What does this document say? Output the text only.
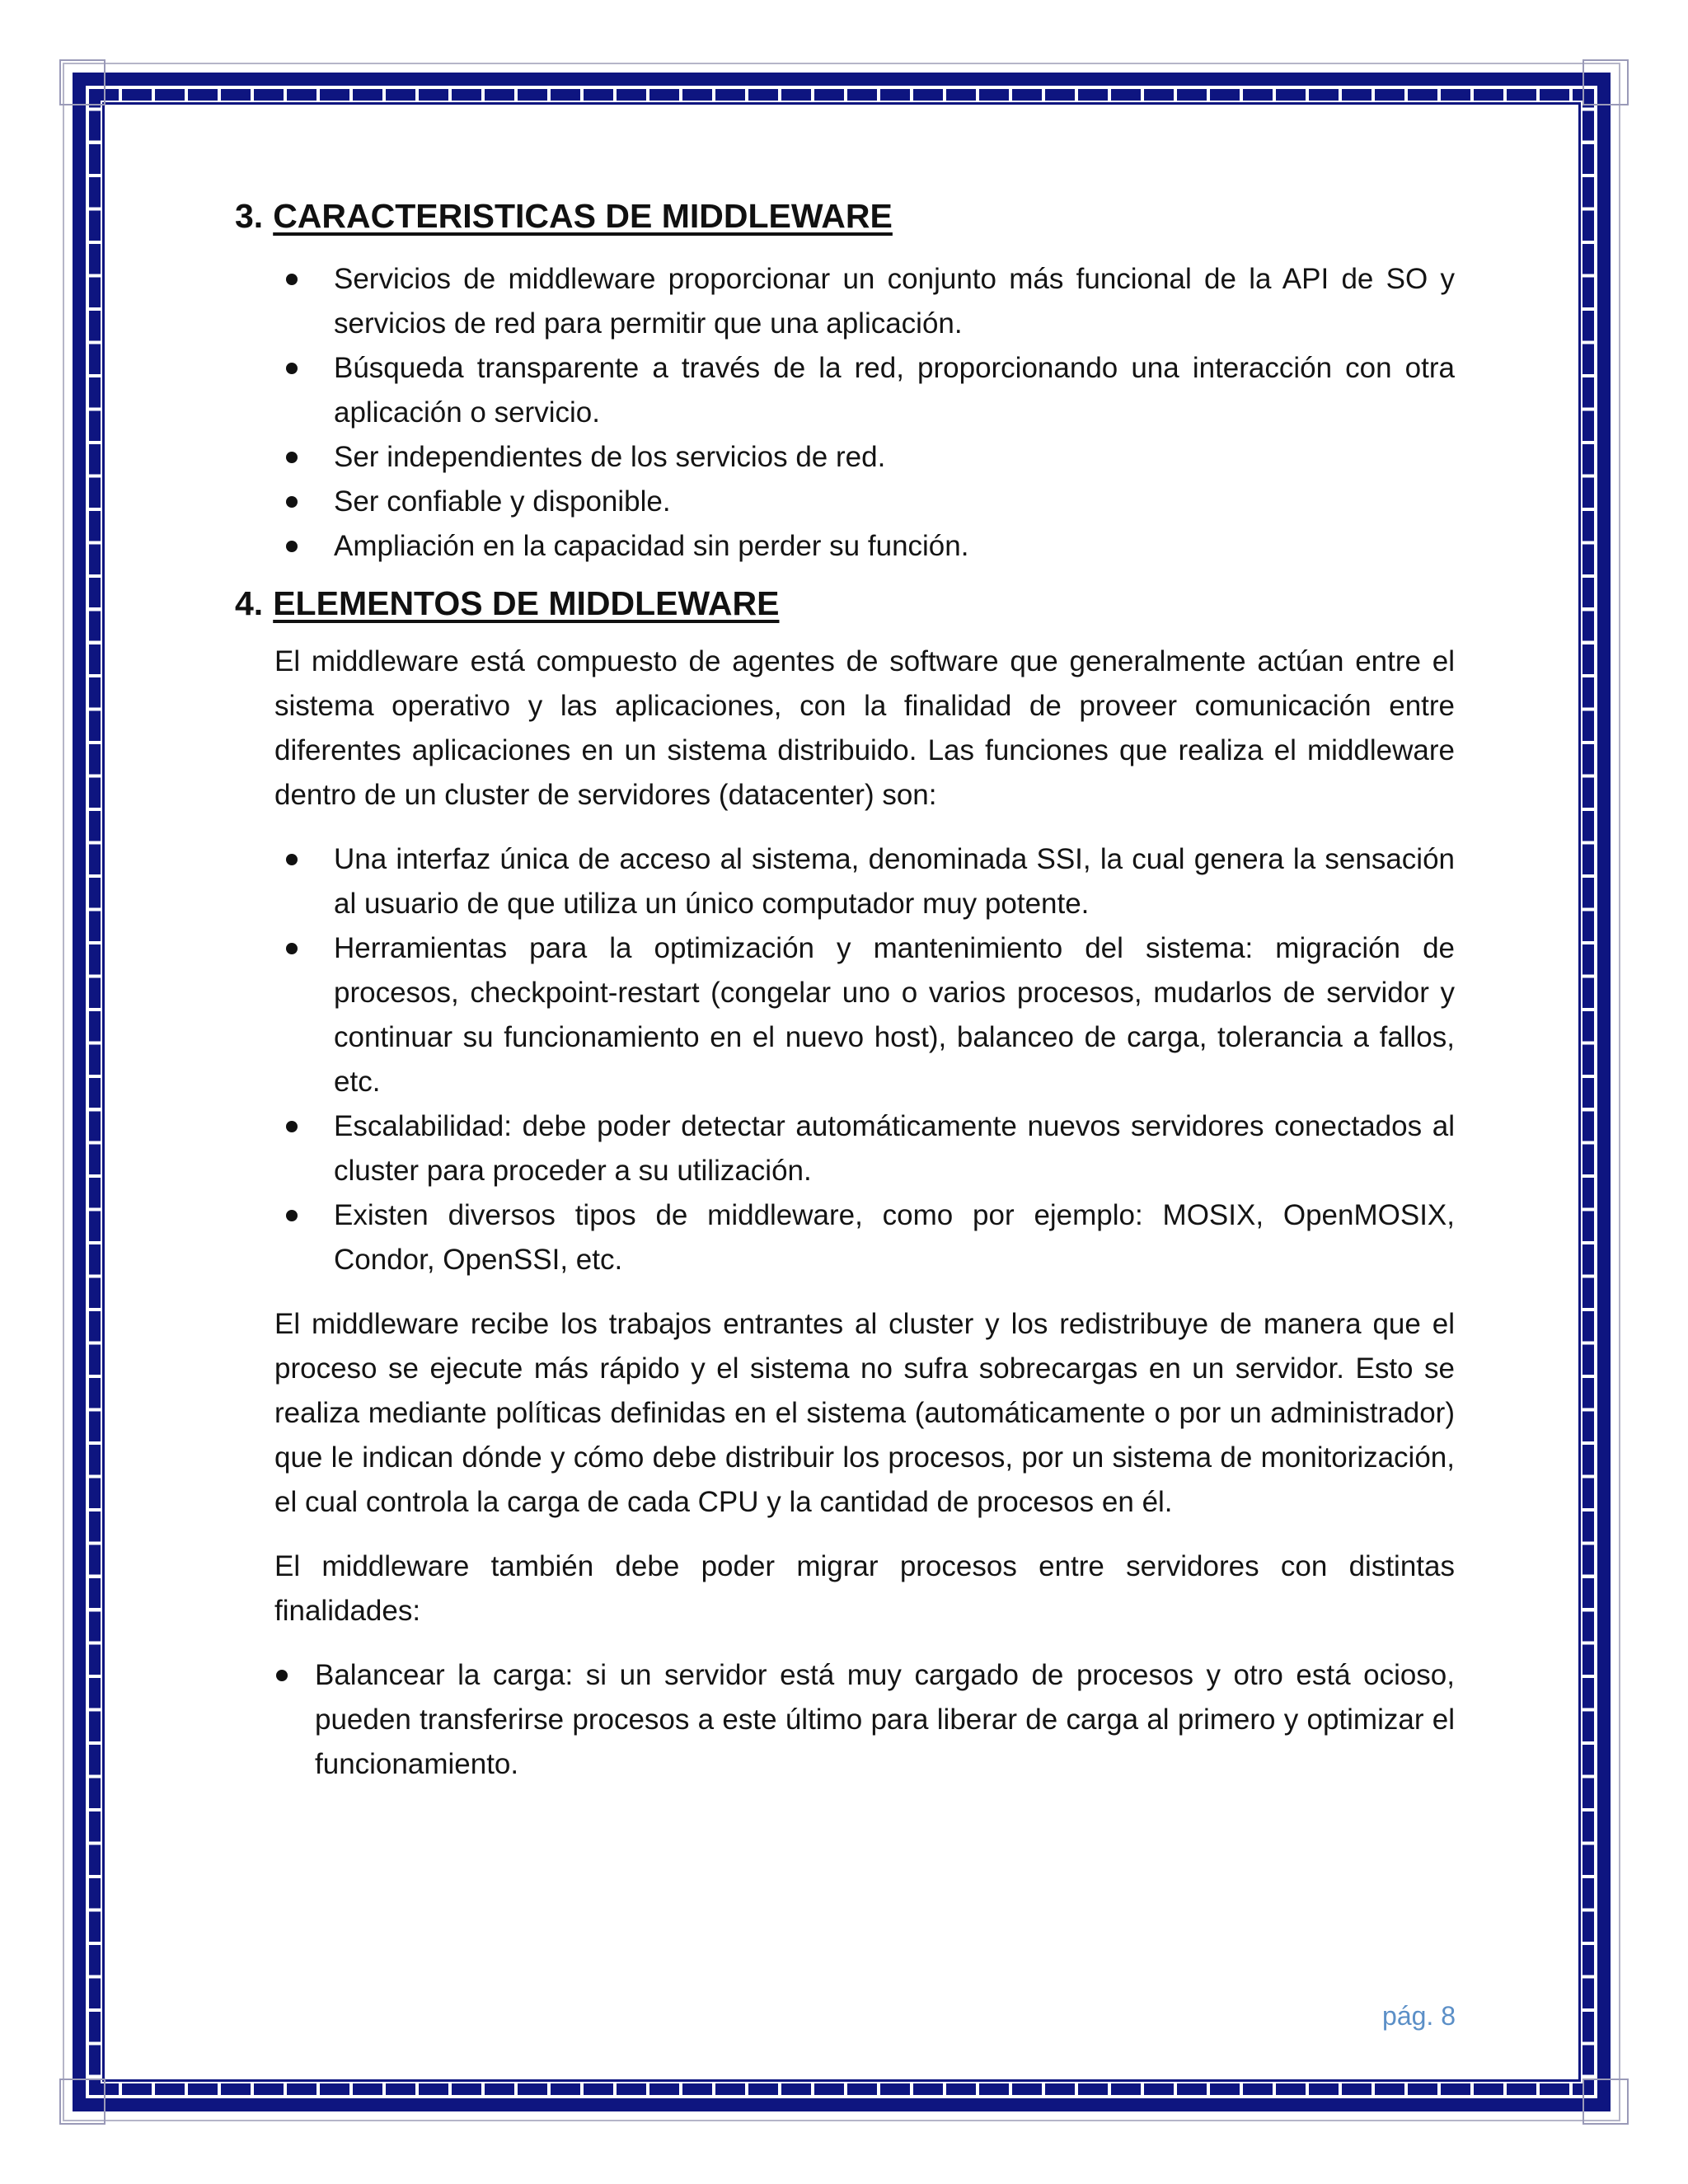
3. CARACTERISTICAS DE MIDDLEWARE
Servicios de middleware proporcionar un conjunto más funcional de la API de SO y servicios de red para permitir que una aplicación.
Búsqueda transparente a través de la red, proporcionando una interacción con otra aplicación o servicio.
Ser independientes de los servicios de red.
Ser confiable y disponible.
Ampliación en la capacidad sin perder su función.
4. ELEMENTOS DE MIDDLEWARE

El middleware está compuesto de agentes de software que generalmente actúan entre el sistema operativo y las aplicaciones, con la finalidad de proveer comunicación entre diferentes aplicaciones en un sistema distribuido. Las funciones que realiza el middleware dentro de un cluster de servidores (datacenter) son:

Una interfaz única de acceso al sistema, denominada SSI, la cual genera la sensación al usuario de que utiliza un único computador muy potente.
Herramientas para la optimización y mantenimiento del sistema: migración de procesos, checkpoint-restart (congelar uno o varios procesos, mudarlos de servidor y continuar su funcionamiento en el nuevo host), balanceo de carga, tolerancia a fallos, etc.
Escalabilidad: debe poder detectar automáticamente nuevos servidores conectados al cluster para proceder a su utilización.
Existen diversos tipos de middleware, como por ejemplo: MOSIX, OpenMOSIX, Condor, OpenSSI, etc.

El middleware recibe los trabajos entrantes al cluster y los redistribuye de manera que el proceso se ejecute más rápido y el sistema no sufra sobrecargas en un servidor. Esto se realiza mediante políticas definidas en el sistema (automáticamente o por un administrador) que le indican dónde y cómo debe distribuir los procesos, por un sistema de monitorización, el cual controla la carga de cada CPU y la cantidad de procesos en él.

El middleware también debe poder migrar procesos entre servidores con distintas finalidades:

Balancear la carga: si un servidor está muy cargado de procesos y otro está ocioso, pueden transferirse procesos a este último para liberar de carga al primero y optimizar el funcionamiento.
pág. 8
